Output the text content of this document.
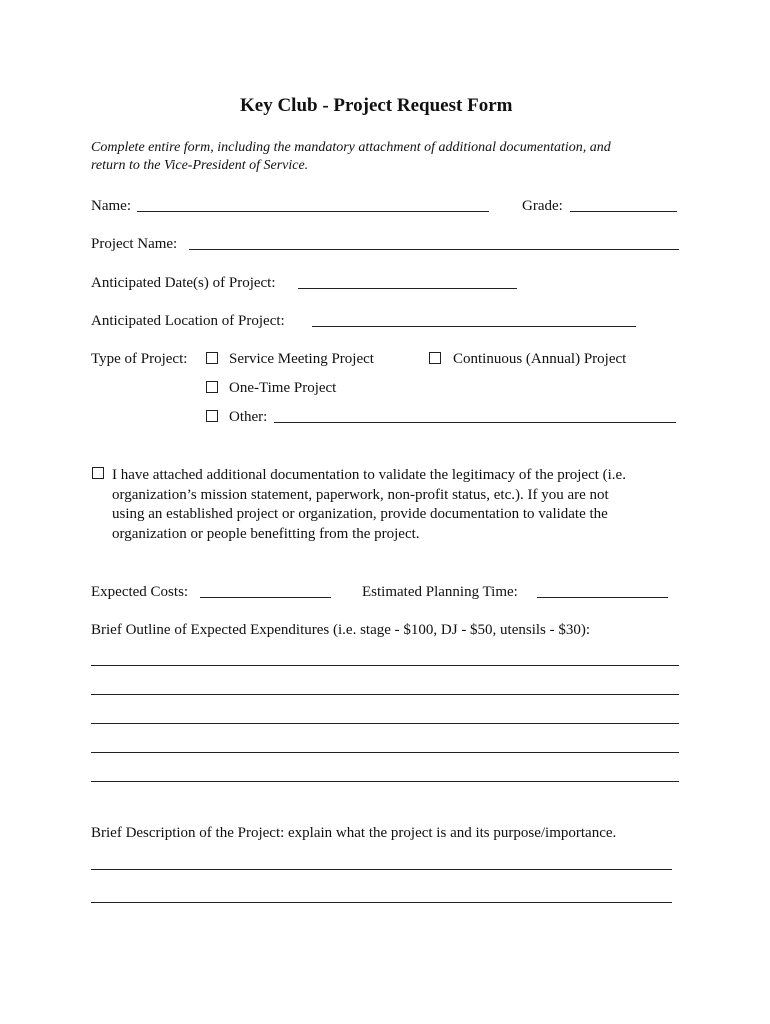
Key Club - Project Request Form
Complete entire form, including the mandatory attachment of additional documentation, and
return to the Vice-President of Service.
Name:	Grade:
Project Name:
Anticipated Date(s) of Project:
Anticipated Location of Project:
Type of Project:	Service Meeting Project	Continuous (Annual) Project
One-Time Project
Other:
I have attached additional documentation to validate the legitimacy of the project (i.e.
organization’s mission statement, paperwork, non-profit status, etc.). If you are not
using an established project or organization, provide documentation to validate the
organization or people benefitting from the project.
Expected Costs:	Estimated Planning Time:
Brief Outline of Expected Expenditures (i.e. stage - $100, DJ - $50, utensils - $30):
Brief Description of the Project: explain what the project is and its purpose/importance.
